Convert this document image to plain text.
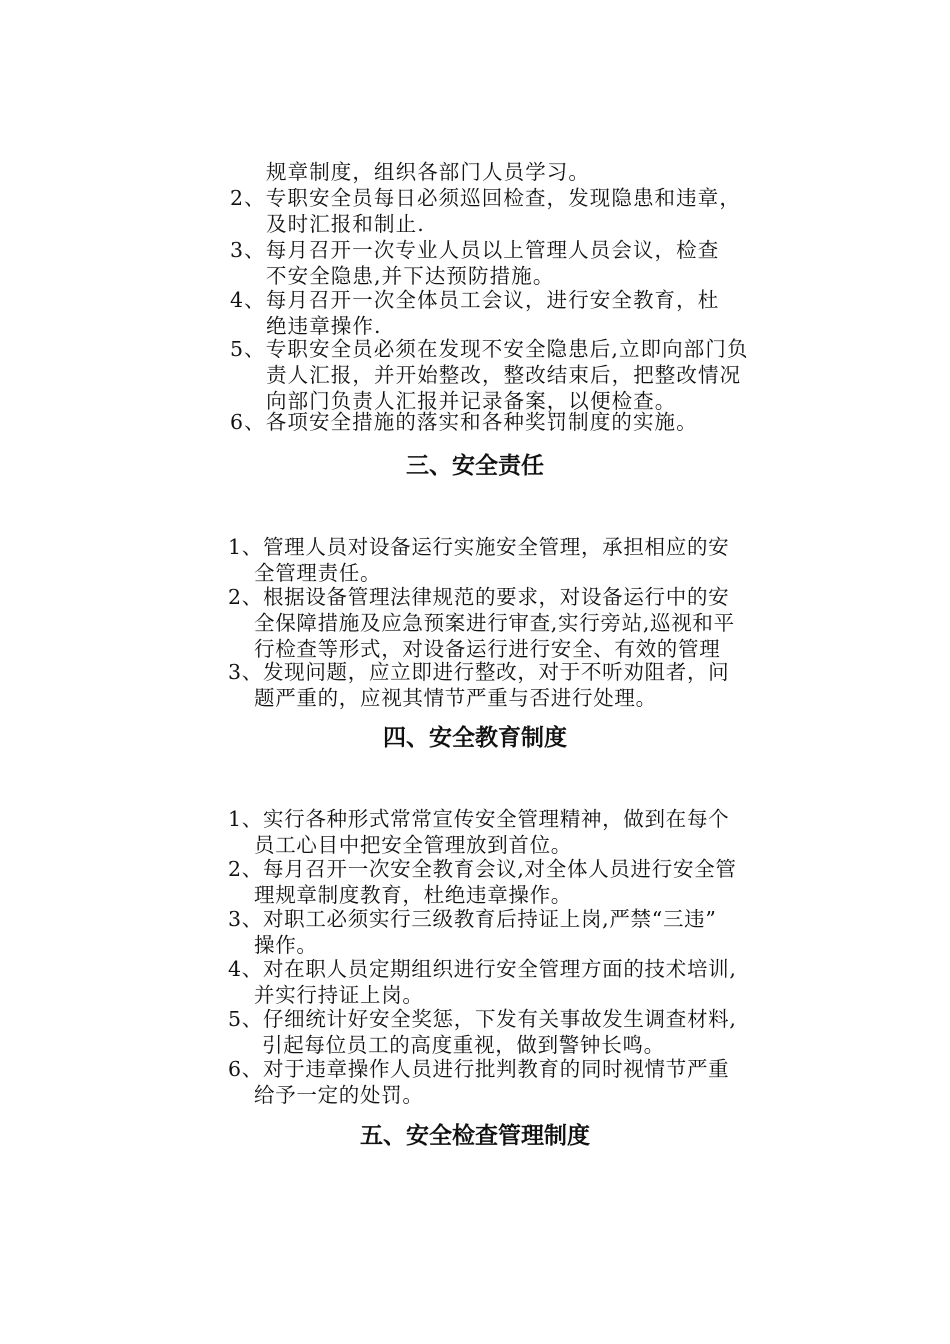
规章制度，组织各部门人员学习。
2、专职安全员每日必须巡回检查，发现隐患和违章，
及时汇报和制止.
3、每月召开一次专业人员以上管理人员会议，检查
不安全隐患,并下达预防措施。
4、每月召开一次全体员工会议，进行安全教育，杜
绝违章操作.
5、专职安全员必须在发现不安全隐患后,立即向部门负
责人汇报，并开始整改，整改结束后，把整改情况
向部门负责人汇报并记录备案，以便检查。
6、各项安全措施的落实和各种奖罚制度的实施。
三、安全责任
1、管理人员对设备运行实施安全管理，承担相应的安
全管理责任。
2、根据设备管理法律规范的要求，对设备运行中的安
全保障措施及应急预案进行审查,实行旁站,巡视和平
行检查等形式，对设备运行进行安全、有效的管理
3、发现问题，应立即进行整改，对于不听劝阻者，问
题严重的，应视其情节严重与否进行处理。
四、安全教育制度
1、实行各种形式常常宣传安全管理精神，做到在每个
员工心目中把安全管理放到首位。
2、每月召开一次安全教育会议,对全体人员进行安全管
理规章制度教育，杜绝违章操作。
3、对职工必须实行三级教育后持证上岗,严禁“三违”
操作。
4、对在职人员定期组织进行安全管理方面的技术培训,
并实行持证上岗。
5、仔细统计好安全奖惩，下发有关事故发生调查材料,
引起每位员工的高度重视，做到警钟长鸣。
6、对于违章操作人员进行批判教育的同时视情节严重
给予一定的处罚。
五、安全检查管理制度
